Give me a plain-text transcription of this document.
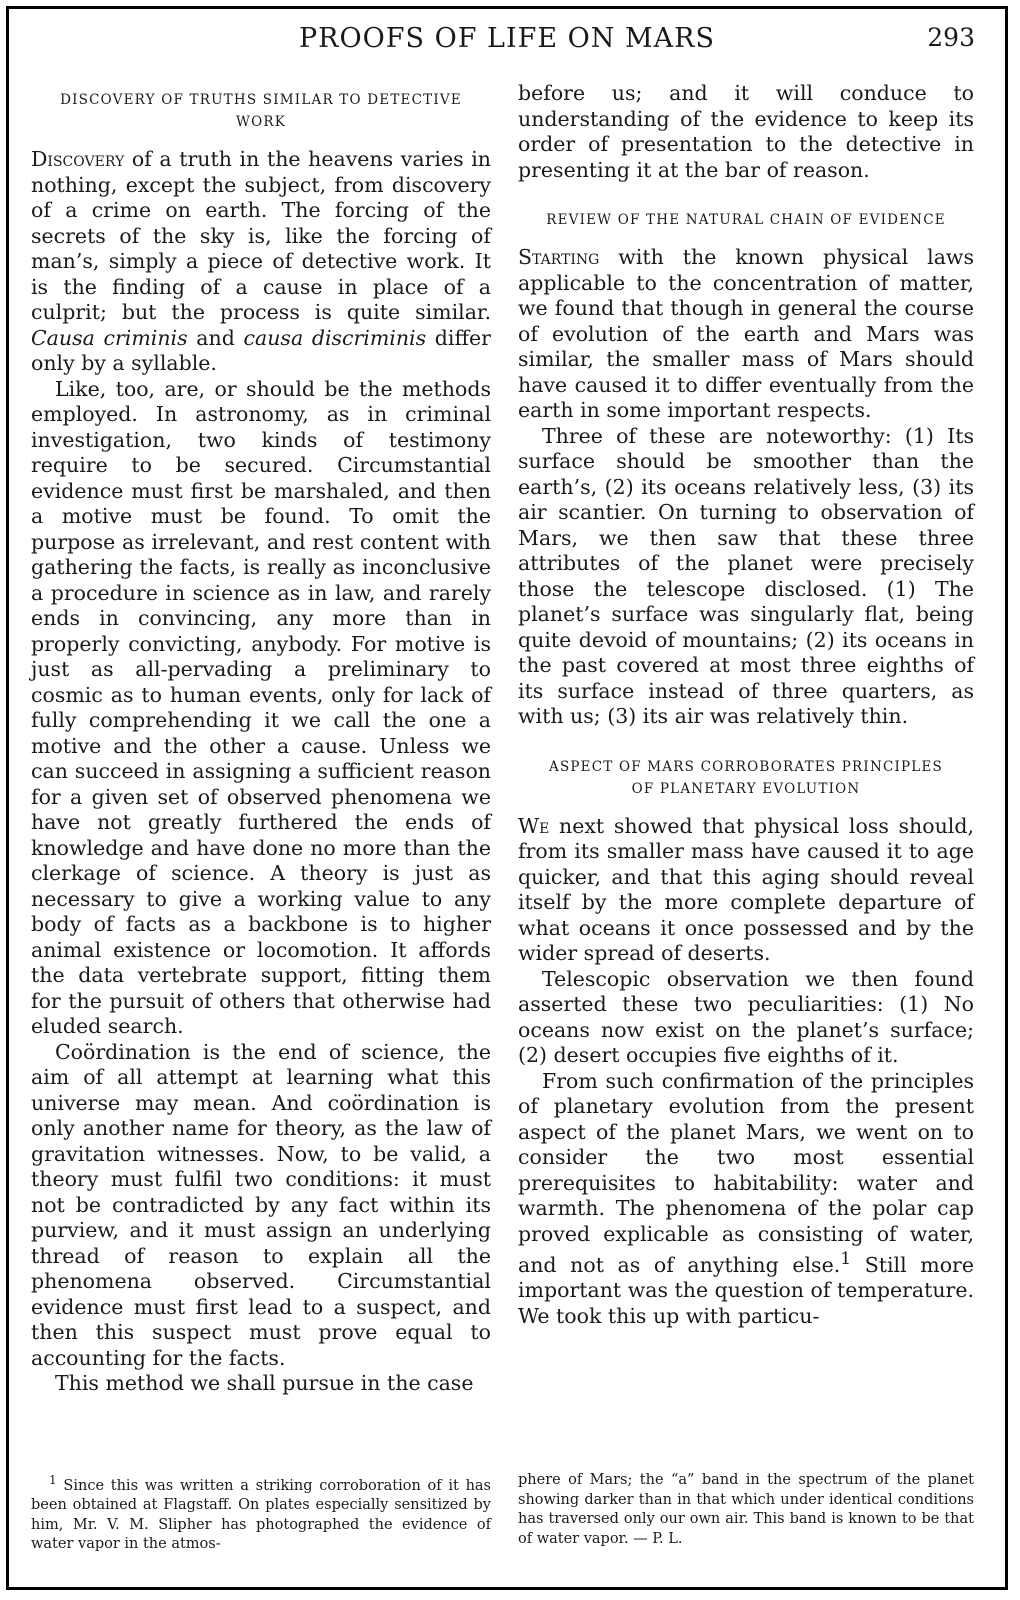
PROOFS OF LIFE ON MARS	293
DISCOVERY OF TRUTHS SIMILAR TO DETECTIVE WORK

Discovery of a truth in the heavens varies in nothing, except the subject, from discovery of a crime on earth. The forcing of the secrets of the sky is, like the forcing of man’s, simply a piece of detective work. It is the finding of a cause in place of a culprit; but the process is quite similar. Causa criminis and causa discriminis differ only by a syllable.

Like, too, are, or should be the methods employed. In astronomy, as in criminal investigation, two kinds of testimony require to be secured. Circumstantial evidence must first be marshaled, and then a motive must be found. To omit the purpose as irrelevant, and rest content with gathering the facts, is really as inconclusive a procedure in science as in law, and rarely ends in convincing, any more than in properly convicting, anybody. For motive is just as all-pervading a preliminary to cosmic as to human events, only for lack of fully comprehending it we call the one a motive and the other a cause. Unless we can succeed in assigning a sufficient reason for a given set of observed phenomena we have not greatly furthered the ends of knowledge and have done no more than the clerkage of science. A theory is just as necessary to give a working value to any body of facts as a backbone is to higher animal existence or locomotion. It affords the data vertebrate support, fitting them for the pursuit of others that otherwise had eluded search.

Coördination is the end of science, the aim of all attempt at learning what this universe may mean. And coördination is only another name for theory, as the law of gravitation witnesses. Now, to be valid, a theory must fulfil two conditions: it must not be contradicted by any fact within its purview, and it must assign an underlying thread of reason to explain all the phenomena observed. Circumstantial evidence must first lead to a suspect, and then this suspect must prove equal to accounting for the facts.

This method we shall pursue in the case

before us; and it will conduce to understanding of the evidence to keep its order of presentation to the detective in presenting it at the bar of reason.

REVIEW OF THE NATURAL CHAIN OF EVIDENCE

Starting with the known physical laws applicable to the concentration of matter, we found that though in general the course of evolution of the earth and Mars was similar, the smaller mass of Mars should have caused it to differ eventually from the earth in some important respects.

Three of these are noteworthy: (1) Its surface should be smoother than the earth’s, (2) its oceans relatively less, (3) its air scantier. On turning to observation of Mars, we then saw that these three attributes of the planet were precisely those the telescope disclosed. (1) The planet’s surface was singularly flat, being quite devoid of mountains; (2) its oceans in the past covered at most three eighths of its surface instead of three quarters, as with us; (3) its air was relatively thin.

ASPECT OF MARS CORROBORATES PRINCIPLES OF PLANETARY EVOLUTION

We next showed that physical loss should, from its smaller mass have caused it to age quicker, and that this aging should reveal itself by the more complete departure of what oceans it once possessed and by the wider spread of deserts.

Telescopic observation we then found asserted these two peculiarities: (1) No oceans now exist on the planet’s surface; (2) desert occupies five eighths of it.

From such confirmation of the principles of planetary evolution from the present aspect of the planet Mars, we went on to consider the two most essential prerequisites to habitability: water and warmth. The phenomena of the polar cap proved explicable as consisting of water, and not as of anything else.$^1$ Still more important was the question of temperature. We took this up with particu-

$^1$ Since this was written a striking corroboration of it has been obtained at Flagstaff. On plates especially sensitized by him, Mr. V. M. Slipher has photographed the evidence of water vapor in the atmos-

phere of Mars; the “a” band in the spectrum of the planet showing darker than in that which under identical conditions has traversed only our own air. This band is known to be that of water vapor. — P. L.
